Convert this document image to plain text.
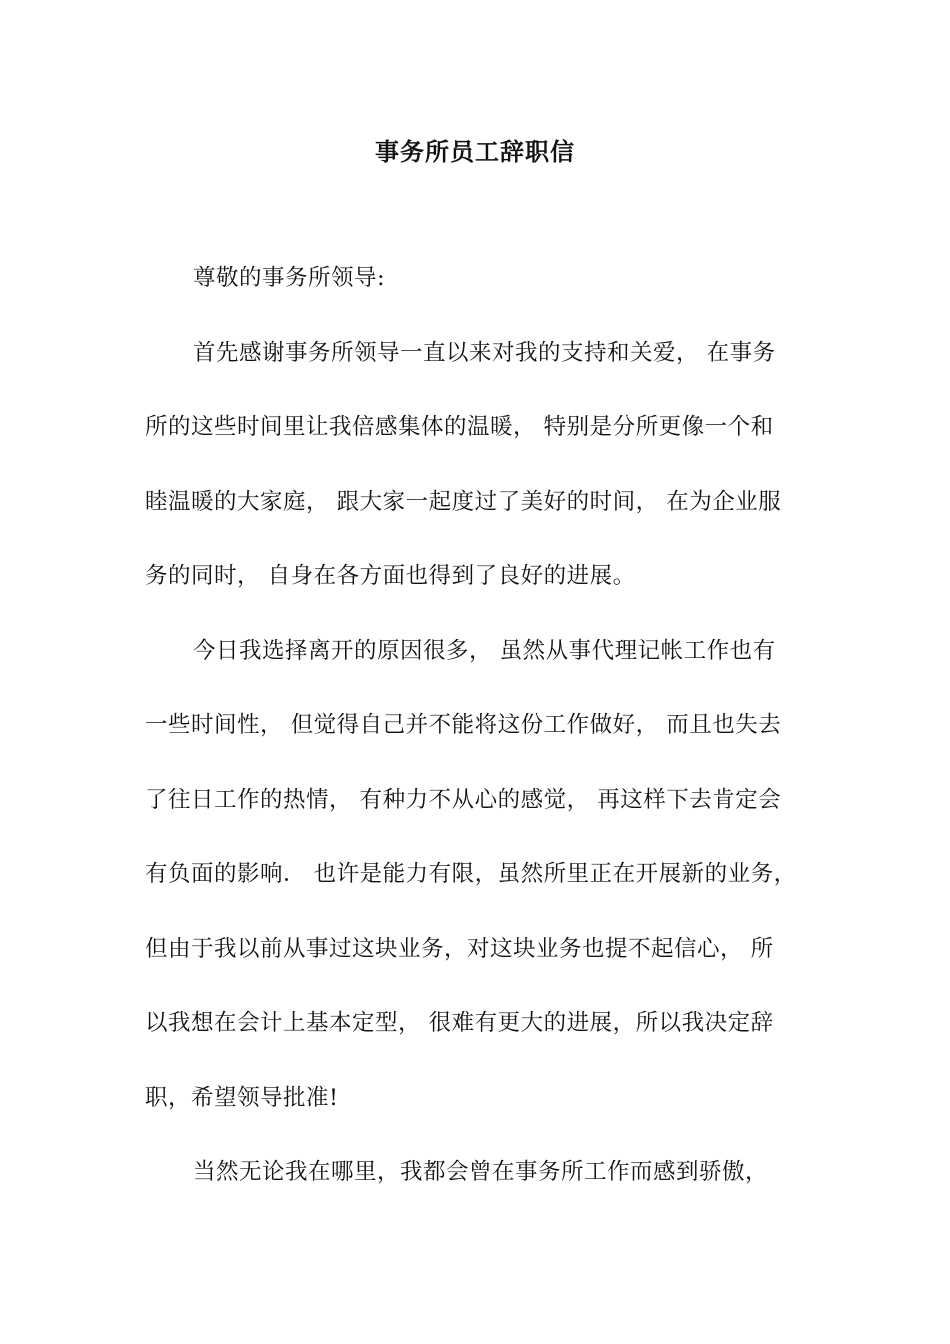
事务所员工辞职信
尊敬的事务所领导:
首先感谢事务所领导一直以来对我的支持和关爱， 在事务
所的这些时间里让我倍感集体的温暖， 特别是分所更像一个和
睦温暖的大家庭， 跟大家一起度过了美好的时间， 在为企业服
务的同时， 自身在各方面也得到了良好的进展。
今日我选择离开的原因很多， 虽然从事代理记帐工作也有
一些时间性， 但觉得自己并不能将这份工作做好， 而且也失去
了往日工作的热情， 有种力不从心的感觉， 再这样下去肯定会
有负面的影响． 也许是能力有限，虽然所里正在开展新的业务，
但由于我以前从事过这块业务，对这块业务也提不起信心， 所
以我想在会计上基本定型， 很难有更大的进展，所以我决定辞
职，希望领导批准!
当然无论我在哪里，我都会曾在事务所工作而感到骄傲，
